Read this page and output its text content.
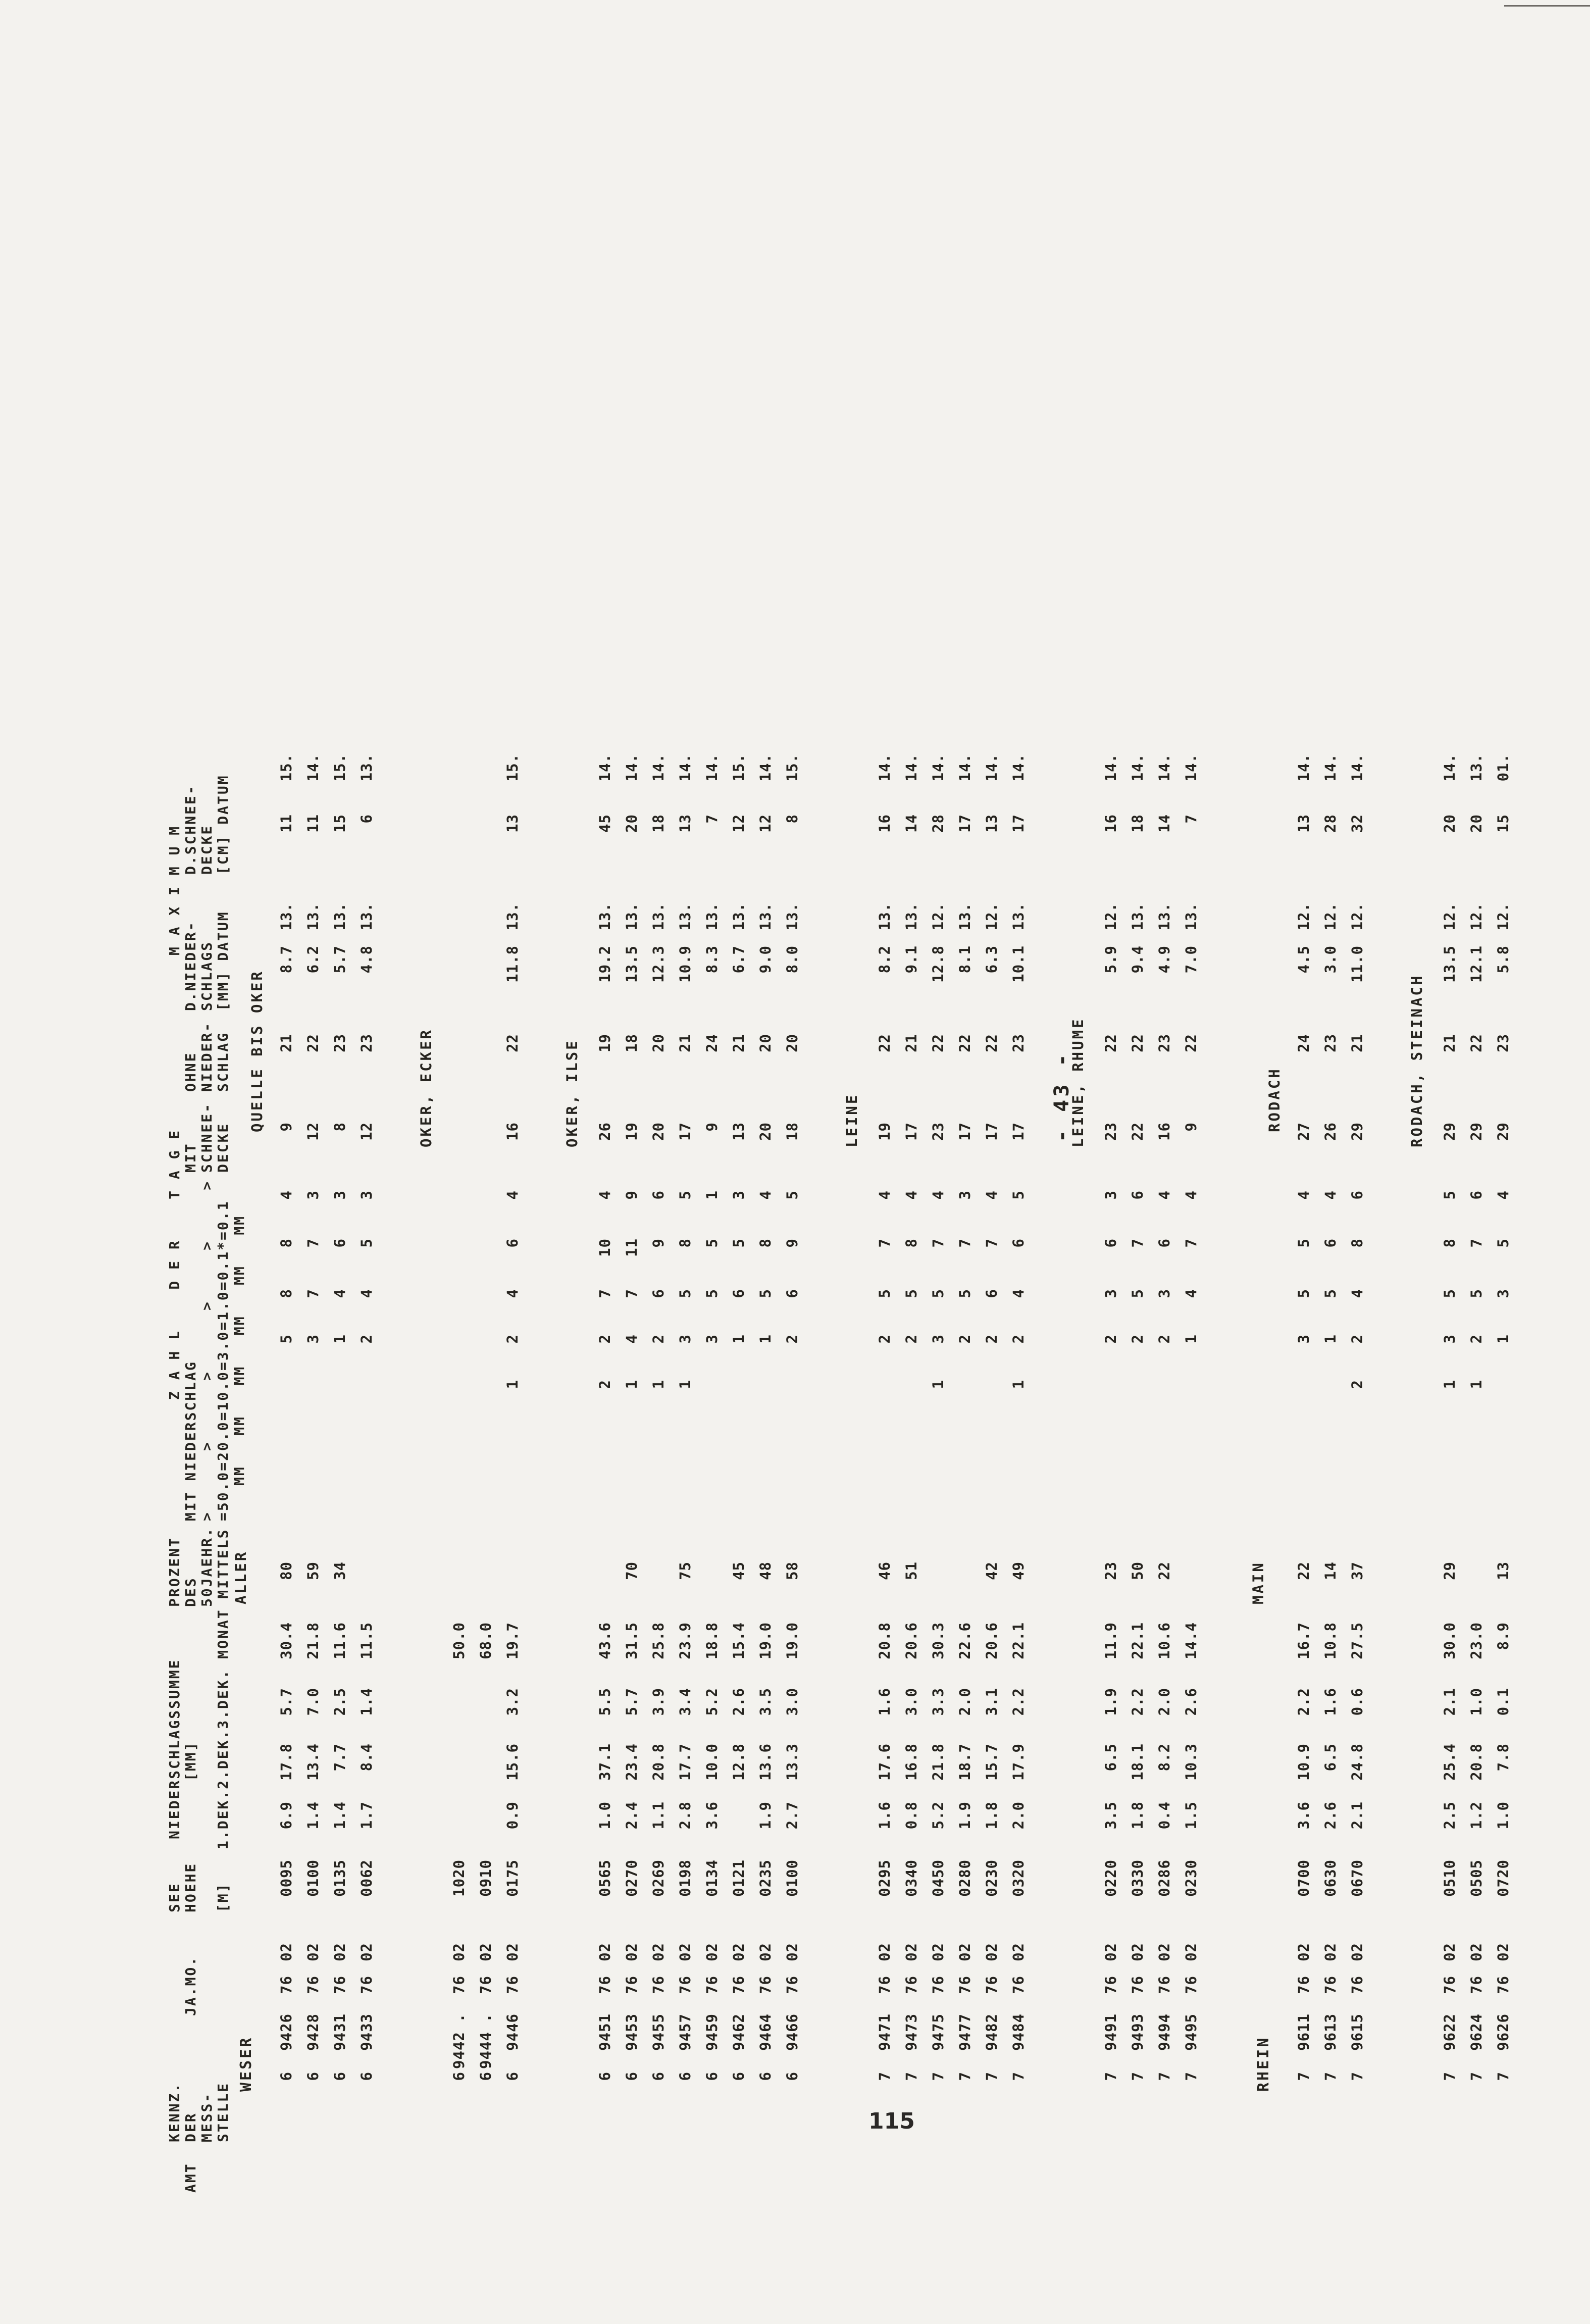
- 43 -
AMT
KENNZ. DER MESS- STELLE
JA.MO.
SEE HOEHE [M]
NIEDERSCHLAGSSUMME [MM] 1.DEK.2.DEK.3.DEK. MONAT MITTELS
PROZENT DES 50JAEHR.
Z A H L    D E R    T A G E
MIT NIEDERSCHLAG >      >      >      >     >     > =50.0=20.0=10.0=3.0=1.0=0.1*=0.1 MM   MM   MM   MM   MM   MM
MIT SCHNEE- DECKE
OHNE NIEDER- SCHLAG
M A X I M U M
D.NIEDER- SCHLAGS [MM] DATUM
D.SCHNEE- DECKE [CM] DATUM
WESER
ALLER
QUELLE BIS OKER
6
9426
76
02
0095
6.9
17.8
5.7
30.4
80
5
8
8
4
9
21
8.7
13.
11
15.
6
9428
76
02
0100
1.4
13.4
7.0
21.8
59
3
7
7
3
12
22
6.2
13.
11
14.
6
9431
76
02
0135
1.4
7.7
2.5
11.6
34
1
4
6
3
8
23
5.7
13.
15
15.
6
9433
76
02
0062
1.7
8.4
1.4
11.5
2
4
5
3
12
23
4.8
13.
6
13.
OKER, ECKER
6
9442 .
76
02
1020
50.0
6
9444 .
76
02
0910
68.0
6
9446
76
02
0175
0.9
15.6
3.2
19.7
1
2
4
6
4
16
22
11.8
13.
13
15.
OKER, ILSE
6
9451
76
02
0565
1.0
37.1
5.5
43.6
2
2
7
10
4
26
19
19.2
13.
45
14.
6
9453
76
02
0270
2.4
23.4
5.7
31.5
70
1
4
7
11
9
19
18
13.5
13.
20
14.
6
9455
76
02
0269
1.1
20.8
3.9
25.8
1
2
6
9
6
20
20
12.3
13.
18
14.
6
9457
76
02
0198
2.8
17.7
3.4
23.9
75
1
3
5
8
5
17
21
10.9
13.
13
14.
6
9459
76
02
0134
3.6
10.0
5.2
18.8
3
5
5
1
9
24
8.3
13.
7
14.
6
9462
76
02
0121
12.8
2.6
15.4
45
1
6
5
3
13
21
6.7
13.
12
15.
6
9464
76
02
0235
1.9
13.6
3.5
19.0
48
1
5
8
4
20
20
9.0
13.
12
14.
6
9466
76
02
0100
2.7
13.3
3.0
19.0
58
2
6
9
5
18
20
8.0
13.
8
15.
LEINE
7
9471
76
02
0295
1.6
17.6
1.6
20.8
46
2
5
7
4
19
22
8.2
13.
16
14.
7
9473
76
02
0340
0.8
16.8
3.0
20.6
51
2
5
8
4
17
21
9.1
13.
14
14.
7
9475
76
02
0450
5.2
21.8
3.3
30.3
1
3
5
7
4
23
22
12.8
12.
28
14.
7
9477
76
02
0280
1.9
18.7
2.0
22.6
2
5
7
3
17
22
8.1
13.
17
14.
7
9482
76
02
0230
1.8
15.7
3.1
20.6
42
2
6
7
4
17
22
6.3
12.
13
14.
7
9484
76
02
0320
2.0
17.9
2.2
22.1
49
1
2
4
6
5
17
23
10.1
13.
17
14.
LEINE, RHUME
7
9491
76
02
0220
3.5
6.5
1.9
11.9
23
2
3
6
3
23
22
5.9
12.
16
14.
7
9493
76
02
0330
1.8
18.1
2.2
22.1
50
2
5
7
6
22
22
9.4
13.
18
14.
7
9494
76
02
0286
0.4
8.2
2.0
10.6
22
2
3
6
4
16
23
4.9
13.
14
14.
7
9495
76
02
0230
1.5
10.3
2.6
14.4
1
4
7
4
9
22
7.0
13.
7
14.
RHEIN
MAIN
RODACH
7
9611
76
02
0700
3.6
10.9
2.2
16.7
22
3
5
5
4
27
24
4.5
12.
13
14.
7
9613
76
02
0630
2.6
6.5
1.6
10.8
14
1
5
6
4
26
23
3.0
12.
28
14.
7
9615
76
02
0670
2.1
24.8
0.6
27.5
37
2
2
4
8
6
29
21
11.0
12.
32
14.
RODACH, STEINACH
7
9622
76
02
0510
2.5
25.4
2.1
30.0
29
1
3
5
8
5
29
21
13.5
12.
20
14.
7
9624
76
02
0505
1.2
20.8
1.0
23.0
1
2
5
7
6
29
22
12.1
12.
20
13.
7
9626
76
02
0720
1.0
7.8
0.1
8.9
13
1
3
5
4
29
23
5.8
12.
15
01.
115
